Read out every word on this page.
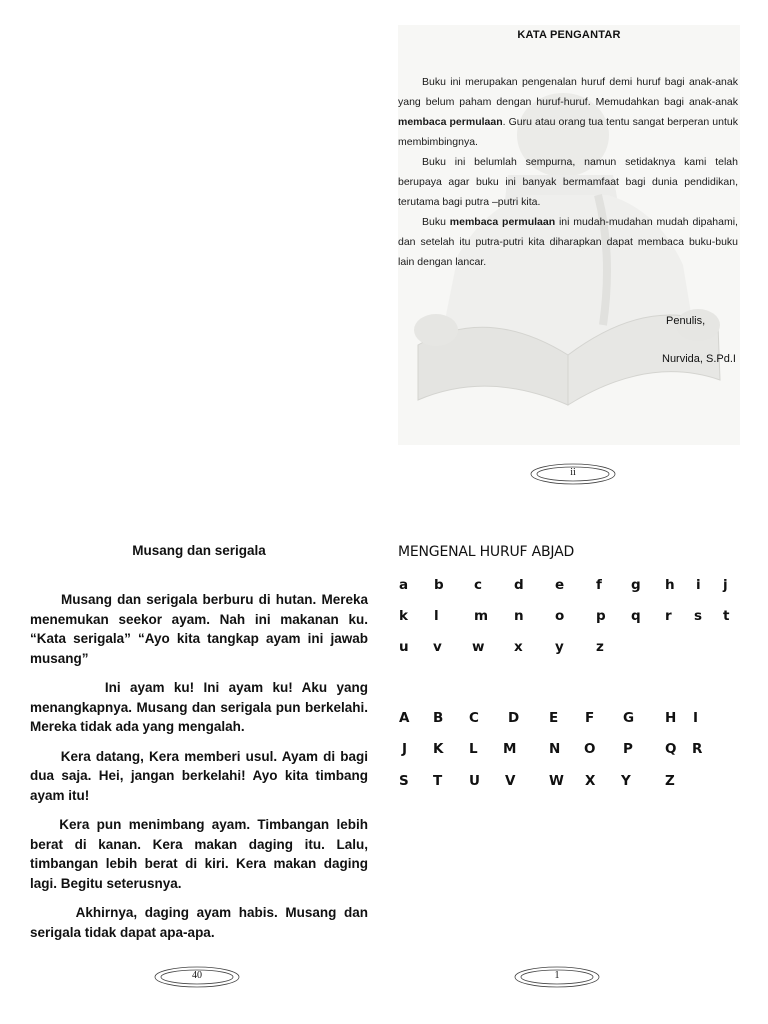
KATA PENGANTAR

Buku ini merupakan pengenalan huruf demi huruf bagi anak-anak yang belum paham dengan huruf-huruf. Memudahkan bagi anak-anak membaca permulaan. Guru atau orang tua tentu sangat berperan untuk membimbingnya.

Buku ini belumlah sempurna, namun setidaknya kami telah berupaya agar buku ini banyak bermamfaat bagi dunia pendidikan, terutama bagi putra –putri kita.

Buku membaca permulaan ini mudah-mudahan mudah dipahami, dan setelah itu putra-putri kita diharapkan dapat membaca buku-buku lain dengan lancar.

Penulis,
Nurvida, S.Pd.I
ii
Musang dan serigala

Musang dan serigala berburu di hutan. Mereka menemukan seekor ayam. Nah ini makanan ku. “Kata serigala” “Ayo kita tangkap ayam ini jawab musang”

Ini ayam ku! Ini ayam ku! Aku yang menangkapnya. Musang dan serigala pun berkelahi. Mereka tidak ada yang mengalah.

Kera datang, Kera memberi usul. Ayam di bagi dua saja. Hei, jangan berkelahi! Ayo kita timbang ayam itu!

Kera pun menimbang ayam. Timbangan lebih berat di kanan. Kera makan daging itu. Lalu, timbangan lebih berat di kiri. Kera makan daging lagi. Begitu seterusnya.

Akhirnya, daging ayam habis. Musang dan serigala tidak dapat apa-apa.

40
MENGENAL HURUF ABJAD
a b c d e f g h i j
k l	m n o p q r s t
u v w x y z
A B C D E F G H I
J K L M N O P Q R
S T U V W X Y	Z
1
